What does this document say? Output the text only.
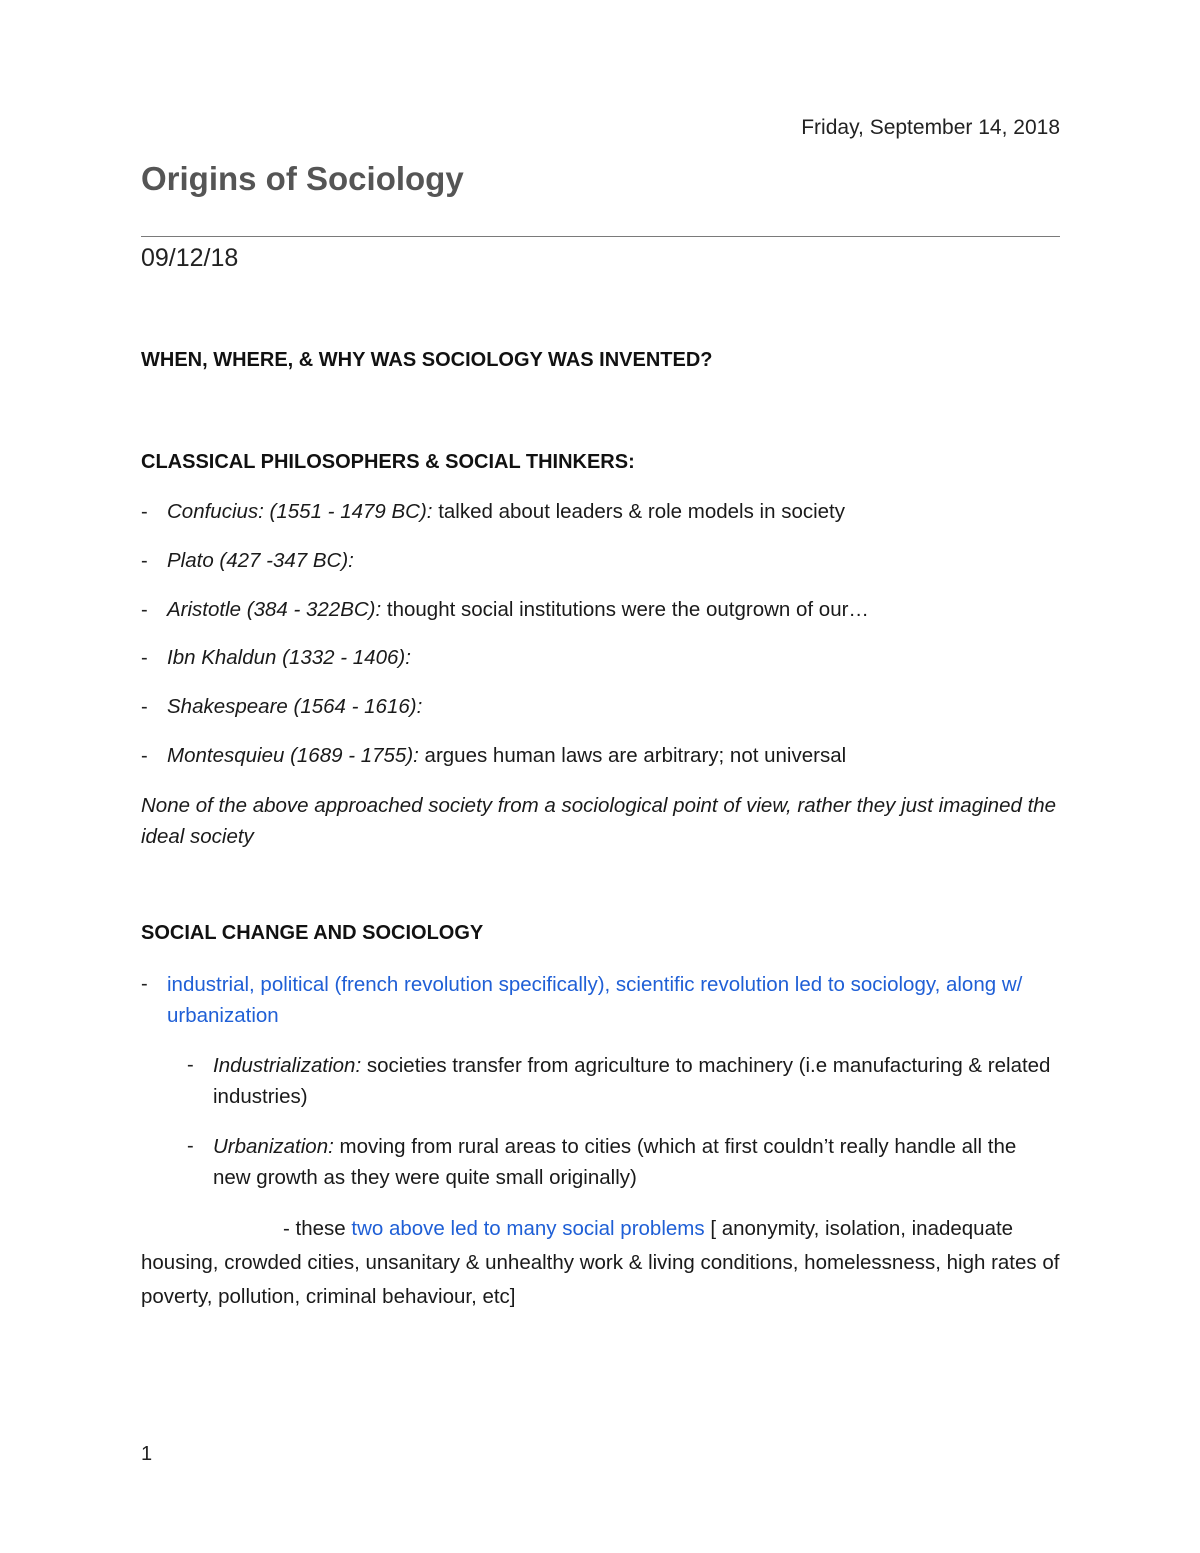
Friday, September 14, 2018
Origins of Sociology
09/12/18
WHEN, WHERE, & WHY WAS SOCIOLOGY WAS INVENTED?
CLASSICAL PHILOSOPHERS & SOCIAL THINKERS:
- Confucius: (1551 - 1479 BC): talked about leaders & role models in society
- Plato (427 -347 BC):
- Aristotle (384 - 322BC): thought social institutions were the outgrown of our…
- Ibn Khaldun (1332 - 1406):
- Shakespeare (1564 - 1616):
- Montesquieu (1689 - 1755): argues human laws are arbitrary; not universal
None of the above approached society from a sociological point of view, rather they just imagined the ideal society
SOCIAL CHANGE AND SOCIOLOGY
- industrial, political (french revolution specifically), scientific revolution led to sociology, along w/ urbanization
- Industrialization: societies transfer from agriculture to machinery (i.e manufacturing & related industries)
- Urbanization: moving from rural areas to cities (which at first couldn’t really handle all the new growth as they were quite small originally)
- these two above led to many social problems [ anonymity, isolation, inadequate housing, crowded cities, unsanitary & unhealthy work & living conditions, homelessness, high rates of poverty, pollution, criminal behaviour, etc]
1
